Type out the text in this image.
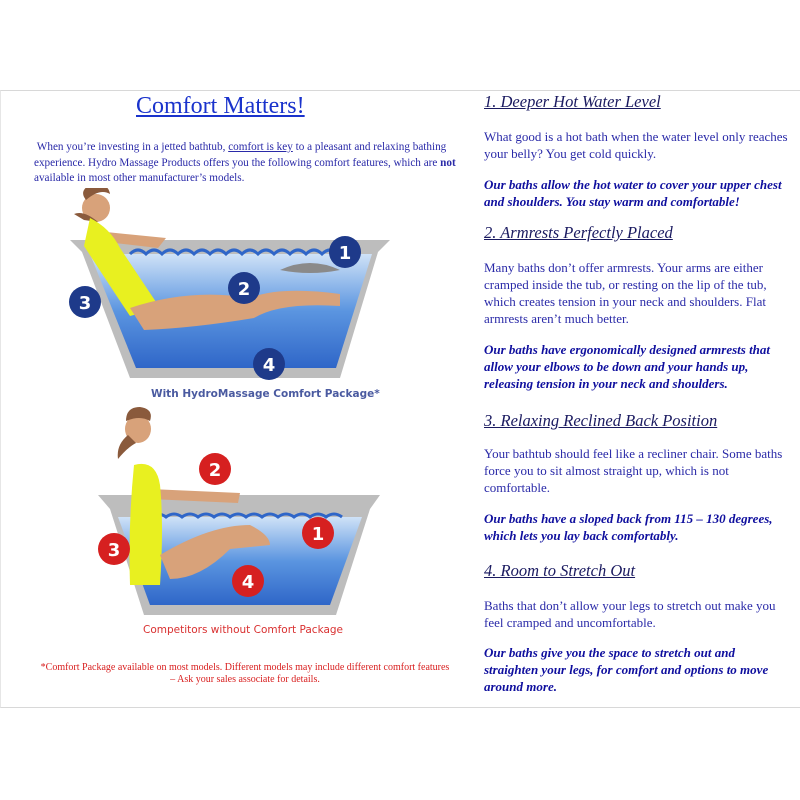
Comfort Matters!
When you’re investing in a jetted bathtub, comfort is key to a pleasant and relaxing bathing experience. Hydro Massage Products offers you the following comfort features, which are not available in most other manufacturer’s models.
1
2
3
4
With HydroMassage Comfort Package*
1
2
3
4
Competitors without Comfort Package
*Comfort Package available on most models. Different models may include different comfort features
– Ask your sales associate for details.
1. Deeper Hot Water Level
What good is a hot bath when the water level only reaches your belly? You get cold quickly.
Our baths allow the hot water to cover your upper chest and shoulders. You stay warm and comfortable!
2. Armrests Perfectly Placed
Many baths don’t offer armrests. Your arms are either cramped inside the tub, or resting on the lip of the tub, which creates tension in your neck and shoulders. Flat armrests aren’t much better.
Our baths have ergonomically designed armrests that allow your elbows to be down and your hands up, releasing tension in your neck and shoulders.
3. Relaxing Reclined Back Position
Your bathtub should feel like a recliner chair. Some baths force you to sit almost straight up, which is not comfortable.
Our baths have a sloped back from 115 – 130 degrees, which lets you lay back comfortably.
4. Room to Stretch Out
Baths that don’t allow your legs to stretch out make you feel cramped and uncomfortable.
Our baths give you the space to stretch out and straighten your legs, for comfort and options to move around more.
